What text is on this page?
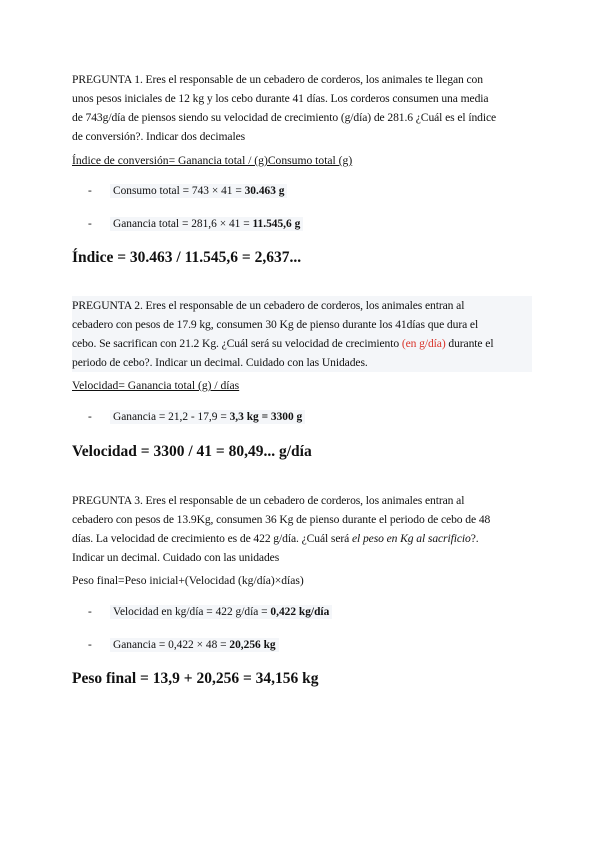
PREGUNTA 1. Eres el responsable de un cebadero de corderos, los animales te llegan con
unos pesos iniciales de 12 kg y los cebo durante 41 días. Los corderos consumen una media
de 743g/día de piensos siendo su velocidad de crecimiento (g/día) de 281.6 ¿Cuál es el índice
de conversión?. Indicar dos decimales
Índice de conversión= Ganancia total / (g)Consumo total (g)
- Consumo total = 743 × 41 = 30.463 g
- Ganancia total = 281,6 × 41 = 11.545,6 g
Índice = 30.463 / 11.545,6 = 2,637...
PREGUNTA 2. Eres el responsable de un cebadero de corderos, los animales entran al
cebadero con pesos de 17.9 kg, consumen 30 Kg de pienso durante los 41días que dura el
cebo. Se sacrifican con 21.2 Kg. ¿Cuál será su velocidad de crecimiento (en g/día) durante el
periodo de cebo?. Indicar un decimal. Cuidado con las Unidades.
Velocidad= Ganancia total (g) / días
- Ganancia = 21,2 - 17,9 = 3,3 kg = 3300 g
Velocidad = 3300 / 41 = 80,49... g/día
PREGUNTA 3. Eres el responsable de un cebadero de corderos, los animales entran al
cebadero con pesos de 13.9Kg, consumen 36 Kg de pienso durante el periodo de cebo de 48
días. La velocidad de crecimiento es de 422 g/día. ¿Cuál será el peso en Kg al sacrificio?.
Indicar un decimal. Cuidado con las unidades
Peso final=Peso inicial+(Velocidad (kg/día)×días)
- Velocidad en kg/día = 422 g/día = 0,422 kg/día
- Ganancia = 0,422 × 48 = 20,256 kg
Peso final = 13,9 + 20,256 = 34,156 kg
